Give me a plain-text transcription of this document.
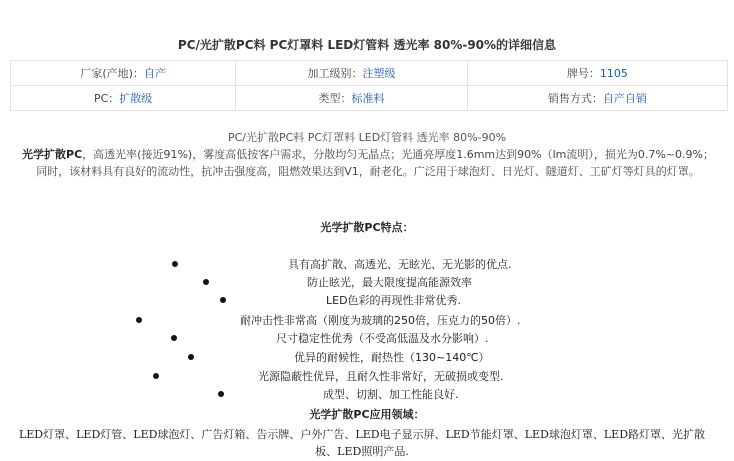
PC/光扩散PC料 PC灯罩料 LED灯管料 透光率 80%-90%的详细信息
厂家(产地)：自产	加工级别：注塑级	牌号：1105
PC：扩散级	类型：标准料	销售方式：自产自销
PC/光扩散PC料 PC灯罩料 LED灯管料 透光率 80%-90%
光学扩散PC，高透光率(接近91%)，雾度高低按客户需求，分散均匀无晶点；光通亮厚度1.6mm达到90%（lm流明），损光为0.7%~0.9%；同时，该材料具有良好的流动性，抗冲击强度高，阻燃效果达到V1，耐老化。广泛用于球泡灯、日光灯、隧道灯、工矿灯等灯具的灯罩。
光学扩散PC特点：
具有高扩散、高透光、无眩光、无光影的优点.
防止眩光，最大限度提高能源效率
LED色彩的再现性非常优秀.
耐冲击性非常高（刚度为玻璃的250倍，压克力的50倍）.
尺寸稳定性优秀（不受高低温及水分影响）.
优异的耐候性，耐热性（130~140℃）
光源隐蔽性优异，且耐久性非常好，无破损或变型.
成型、切割、加工性能良好.
光学扩散PC应用领域：
LED灯罩、LED灯管、LED球泡灯、广告灯箱、告示牌、户外广告、LED电子显示屏、LED节能灯罩、LED球泡灯罩、LED路灯罩、光扩散板、LED照明产品.
